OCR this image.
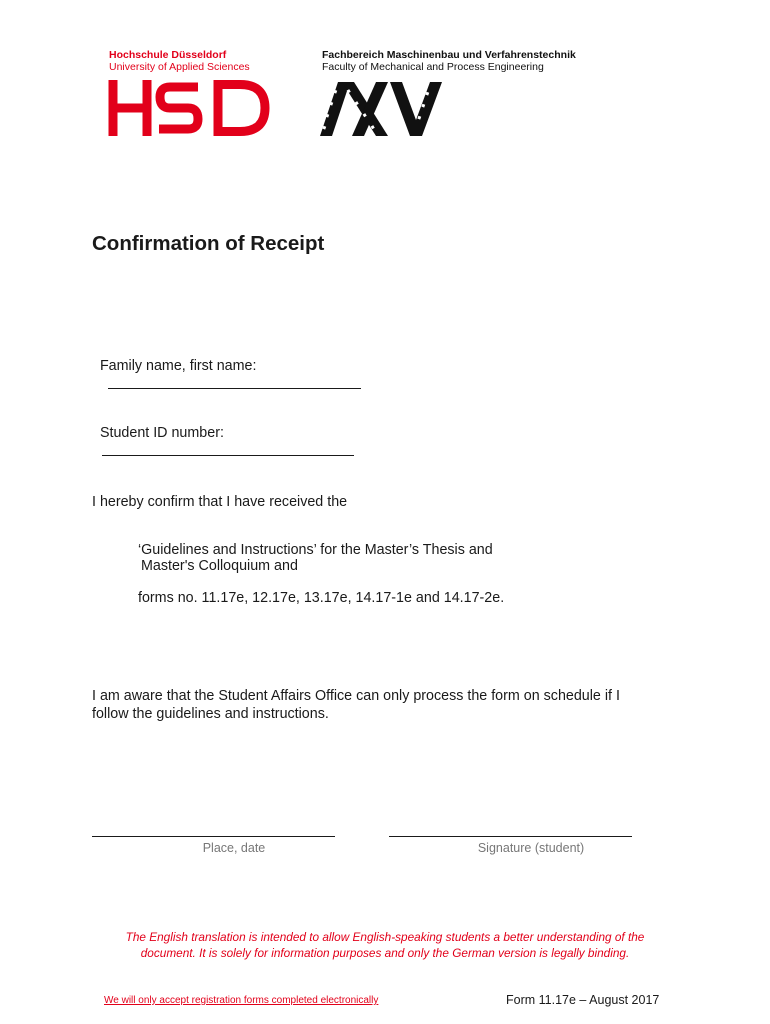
Hochschule Düsseldorf
University of Applied Sciences
Fachbereich Maschinenbau und Verfahrenstechnik
Faculty of Mechanical and Process Engineering
Confirmation of Receipt

Family name, first name:

Student ID number:

I hereby confirm that I have received the
‘Guidelines and Instructions’ for the Master’s Thesis and
Master's Colloquium and
forms no. 11.17e, 12.17e, 13.17e, 14.17-1e and 14.17-2e.
I am aware that the Student Affairs Office can only process the form on schedule if I
follow the guidelines and instructions.
Place, date	Signature (student)
The English translation is intended to allow English-speaking students a better understanding of the
document. It is solely for information purposes and only the German version is legally binding.
We will only accept registration forms completed electronically	Form 11.17e – August 2017
